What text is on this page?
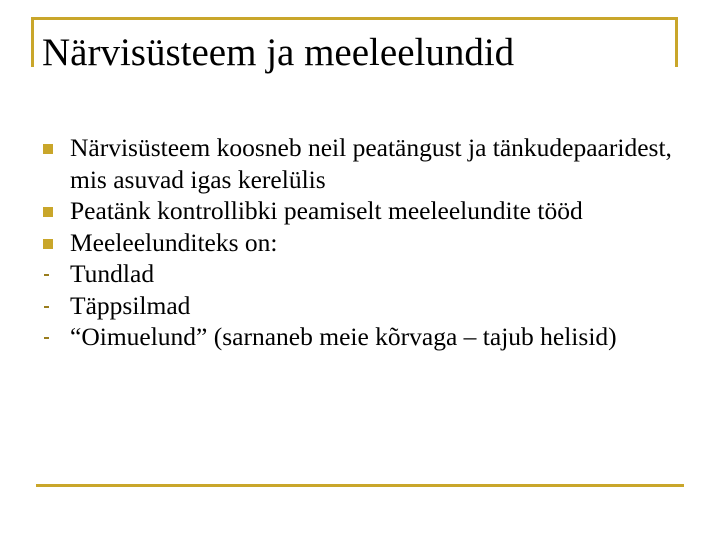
Närvisüsteem ja meeleelundid
Närvisüsteem koosneb neil peatängust ja tänkudepaaridest, mis asuvad igas kerelülis
Peatänk kontrollibki peamiselt meeleelundite tööd
Meeleelunditeks on:
Tundlad
Täppsilmad
“Oimuelund” (sarnaneb meie kõrvaga – tajub helisid)
